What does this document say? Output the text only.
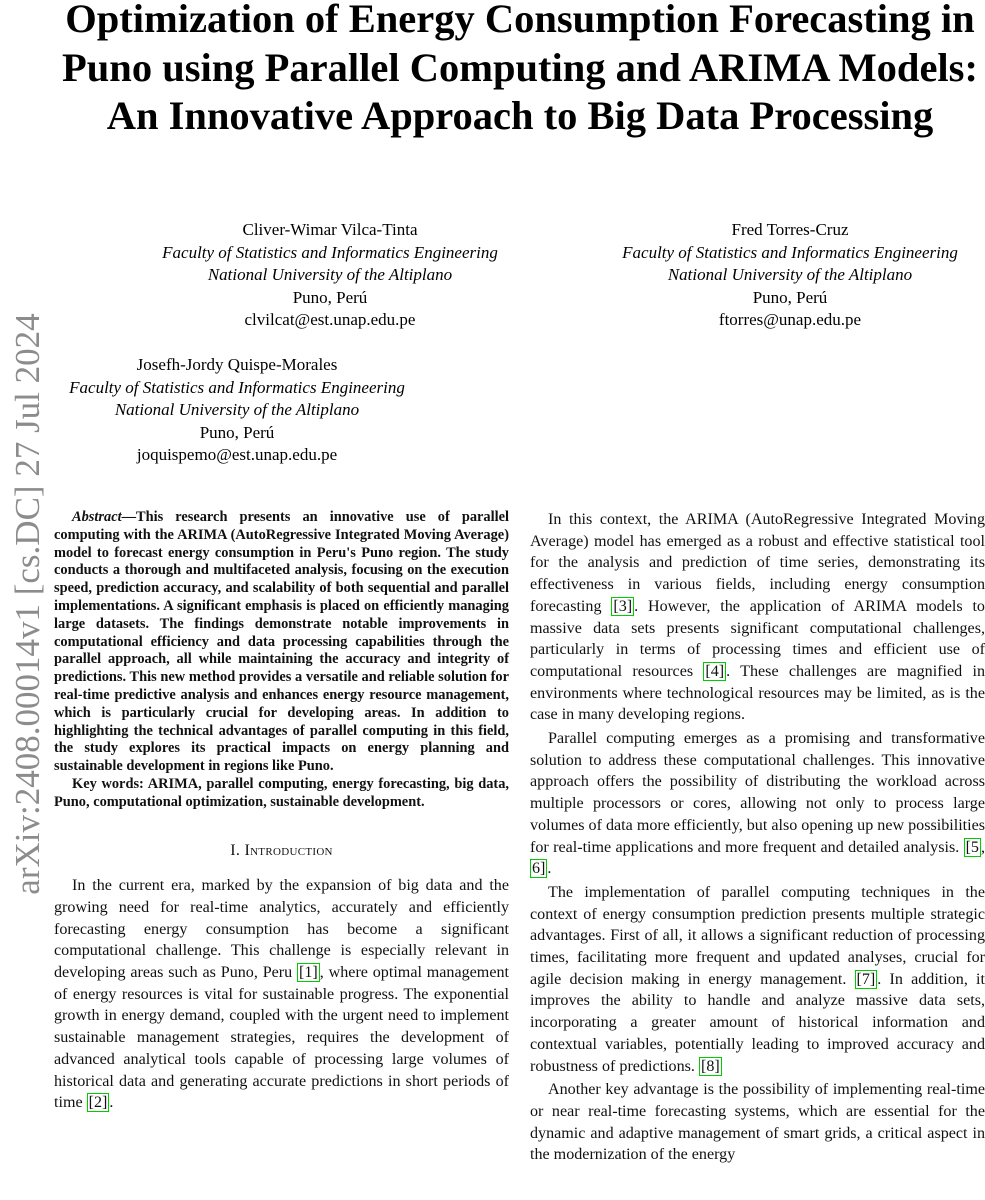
arXiv:2408.00014v1 [cs.DC] 27 Jul 2024
Optimization of Energy Consumption Forecasting in Puno using Parallel Computing and ARIMA Models: An Innovative Approach to Big Data Processing
Cliver-Wimar Vilca-Tinta
Faculty of Statistics and Informatics Engineering
National University of the Altiplano
Puno, Perú
clvilcat@est.unap.edu.pe
Fred Torres-Cruz
Faculty of Statistics and Informatics Engineering
National University of the Altiplano
Puno, Perú
ftorres@unap.edu.pe
Josefh-Jordy Quispe-Morales
Faculty of Statistics and Informatics Engineering
National University of the Altiplano
Puno, Perú
joquispemo@est.unap.edu.pe

Abstract—This research presents an innovative use of parallel computing with the ARIMA (AutoRegressive Integrated Moving Average) model to forecast energy consumption in Peru's Puno region. The study conducts a thorough and multifaceted analysis, focusing on the execution speed, prediction accuracy, and scalability of both sequential and parallel implementations. A significant emphasis is placed on efficiently managing large datasets. The findings demonstrate notable improvements in computational efficiency and data processing capabilities through the parallel approach, all while maintaining the accuracy and integrity of predictions. This new method provides a versatile and reliable solution for real-time predictive analysis and enhances energy resource management, which is particularly crucial for developing areas. In addition to highlighting the technical advantages of parallel computing in this field, the study explores its practical impacts on energy planning and sustainable development in regions like Puno.

Key words: ARIMA, parallel computing, energy forecasting, big data, Puno, computational optimization, sustainable development.

I. Introduction

In the current era, marked by the expansion of big data and the growing need for real-time analytics, accurately and efficiently forecasting energy consumption has become a significant computational challenge. This challenge is especially relevant in developing areas such as Puno, Peru [1] , where optimal management of energy resources is vital for sustainable progress. The exponential growth in energy demand, coupled with the urgent need to implement sustainable management strategies, requires the development of advanced analytical tools capable of processing large volumes of historical data and generating accurate predictions in short periods of time [2] .

In this context, the ARIMA (AutoRegressive Integrated Moving Average) model has emerged as a robust and effective statistical tool for the analysis and prediction of time series, demonstrating its effectiveness in various fields, including energy consumption forecasting [3] . However, the application of ARIMA models to massive data sets presents significant computational challenges, particularly in terms of processing times and efficient use of computational resources [4] . These challenges are magnified in environments where technological resources may be limited, as is the case in many developing regions.

Parallel computing emerges as a promising and transformative solution to address these computational challenges. This innovative approach offers the possibility of distributing the workload across multiple processors or cores, allowing not only to process large volumes of data more efficiently, but also opening up new possibilities for real-time applications and more frequent and detailed analysis. [5 , 6] .

The implementation of parallel computing techniques in the context of energy consumption prediction presents multiple strategic advantages. First of all, it allows a significant reduction of processing times, facilitating more frequent and updated analyses, crucial for agile decision making in energy management. [7] . In addition, it improves the ability to handle and analyze massive data sets, incorporating a greater amount of historical information and contextual variables, potentially leading to improved accuracy and robustness of predictions. [8]

Another key advantage is the possibility of implementing real-time or near real-time forecasting systems, which are essential for the dynamic and adaptive management of smart grids, a critical aspect in the modernization of the energy
